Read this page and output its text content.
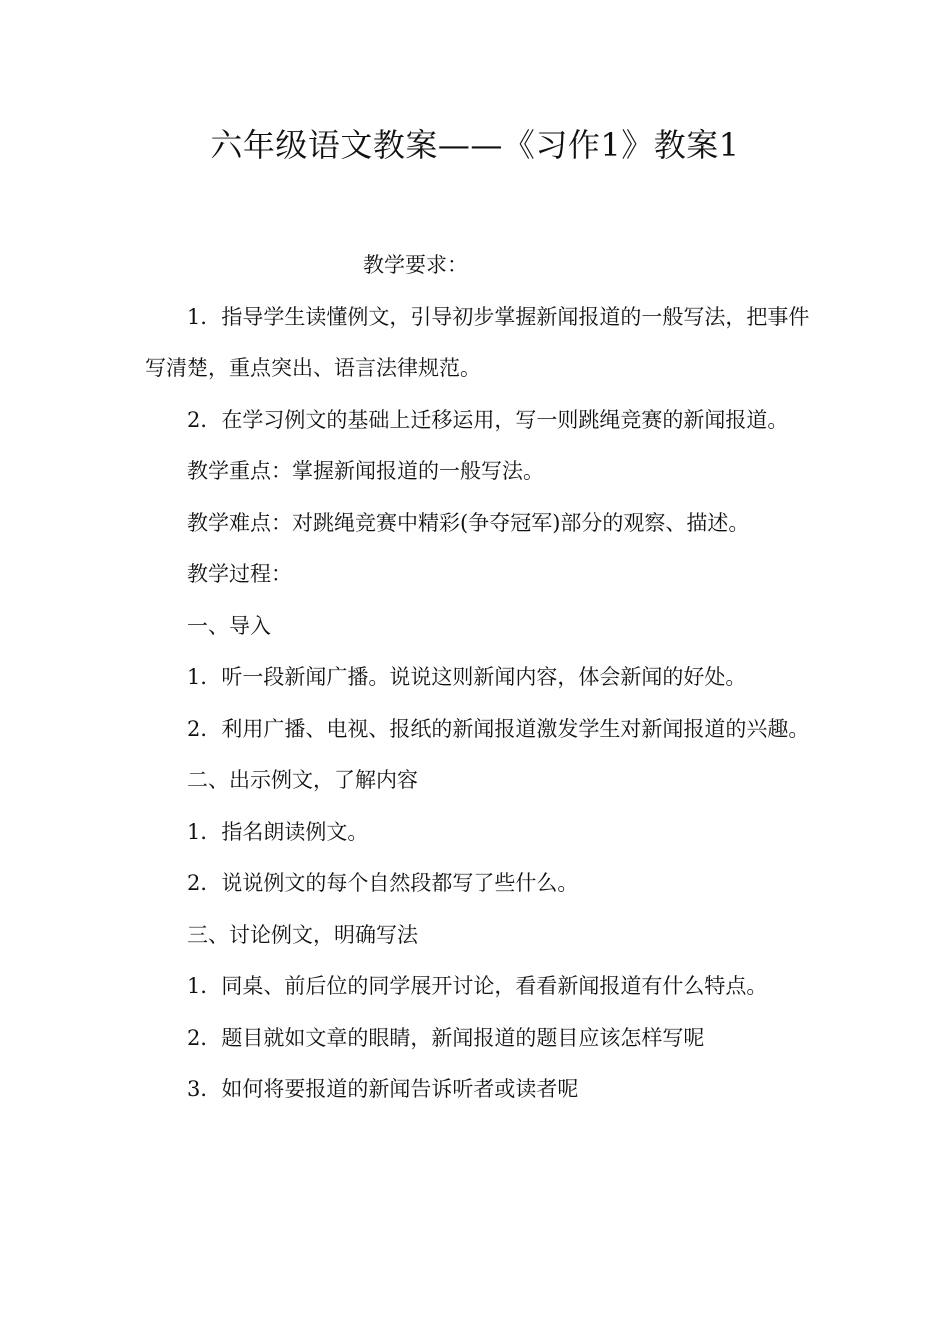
六年级语文教案——《习作1》教案1

教学要求：

1．指导学生读懂例文，引导初步掌握新闻报道的一般写法，把事件写清楚，重点突出、语言法律规范。

2．在学习例文的基础上迁移运用，写一则跳绳竞赛的新闻报道。

教学重点：掌握新闻报道的一般写法。

教学难点：对跳绳竞赛中精彩(争夺冠军)部分的观察、描述。

教学过程：

一、导入

1．听一段新闻广播。说说这则新闻内容，体会新闻的好处。

2．利用广播、电视、报纸的新闻报道激发学生对新闻报道的兴趣。

二、出示例文，了解内容

1．指名朗读例文。

2．说说例文的每个自然段都写了些什么。

三、讨论例文，明确写法

1．同桌、前后位的同学展开讨论，看看新闻报道有什么特点。

2．题目就如文章的眼睛，新闻报道的题目应该怎样写呢

3．如何将要报道的新闻告诉听者或读者呢
